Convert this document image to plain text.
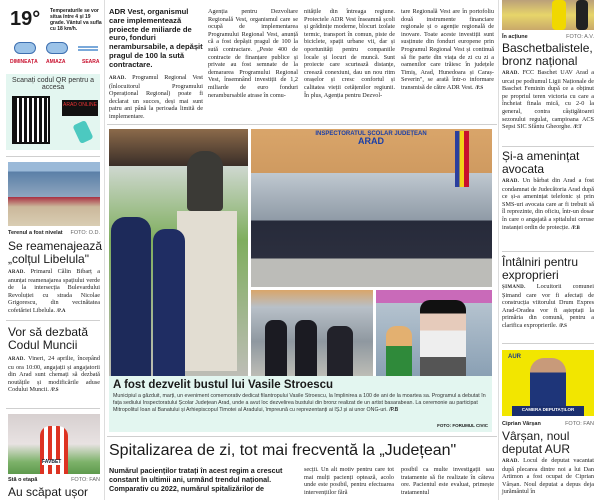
19° Temperaturile se vor situa între 4 și 19 grade. Vântul va sufla cu 18 km/h.
DIMINEAȚA AMIAZA	SEARA
Scanați codul QR pentru a accesa
ARAD ONLINE
Terenul a fost nivelat FOTO: O.D.
Se reamenajează „colțul Libelula"
ARAD. Primarul Călin Bibarț a anunțat reamenajarea spațiului verde de la intersecția Bulevardului Revoluției cu strada Nicolae Grigorescu, din vecinătatea cofetăriei Libelula. /P.A
Vor să dezbată Codul Muncii
ARAD. Vineri, 24 aprilie, începând cu ora 10:00, angajații și angajatorii din Arad sunt chemați să dezbată noutățile și modificările aduse Codului Muncii. /P.S
FAVBET
Stă o etapă	FOTO: FAN
Au scăpat ușor
ADR Vest, organismul care implementează proiecte de miliarde de euro, fonduri nerambursabile, a depășit pragul de 100 la sută contractare.
ARAD. Programul Regional Vest (înlocuitorul Programului Operațional Regional) poate fi declarat un succes, deși mai sunt patru ani până la perioada limită de implementare.
Agenția pentru Dezvoltare Regională Vest, organismul care se ocupă de implementarea Programului Regional Vest, anunță că a fost depășit pragul de 100 la sută contractare. „Peste 400 de contracte de finanțare publice și private au fost semnate de la demararea Programului Regional Vest, însemnând investiții de 1,2 miliarde de euro fonduri nerambursabile atrase în comu-
nitățile din întreaga regiune. Proiectele ADR Vest înseamnă școli și grădinițe moderne, blocuri izolate termic, transport în comun, piste de biciclete, spații urbane vii, dar și oportunități pentru companiile locale și locuri de muncă. Sunt proiecte care scurtează distanțe, creează conexiuni, dau un nou ritm orașelor și cresc confortul și calitatea vieții cetățenilor regiunii. În plus, Agenția pentru Dezvol-
tare Regională Vest are în portofoliu două instrumente financiare regionale și o agenție regională de inovare. Toate aceste investiții sunt susținute din fonduri europene prin Programul Regional Vest și continuă să fie parte din viața de zi cu zi a oamenilor care trăiesc în județele Timiș, Arad, Hunedoara și Caraș-Severin", se arată într-o informare transmisă de către ADR Vest. /P.S
INSPECTORATUL ȘCOLAR JUDEȚEAN
ARAD
A fost dezvelit bustul lui Vasile Stroescu
Municipiul a găzduit, marți, un eveniment comemorativ dedicat filantropului Vasile Stroescu, la împlinirea a 100 de ani de la moartea sa. Programul a debutat în fața sediului Inspectoratului Școlar Județean Arad, unde a avut loc dezvelirea bustului din bronz realizat de un artist basarabean. La ceremonie au participat Mitropolitul Ioan al Banatului și Arhiepiscopul Timotei al Aradului, împreună cu reprezentanți ai IȘJ și ai unor ONG-uri. /P.B
FOTO: FORUMUL CIVIC
Spitalizarea de zi, tot mai frecventă la „Județean"
Numărul pacienților tratați în acest regim a crescut constant în ultimii ani, urmând trendul național. Comparativ cu 2022, numărul spitalizărilor de
secții. Un alt motiv pentru care tot mai mulți pacienți optează, acolo unde este posibil, pentru efectuarea intervențiilor fără
posibil ca multe investigații sau tratamente să fie realizate în câteva ore. Pacientul este evaluat, primește tratamentul
În acțiune	FOTO: A.V.
Baschetbalistele, bronz național
ARAD. FCC Baschet UAV Arad a urcat pe podiumul Ligii Naționale de Baschet Feminin după ce a obținut pe propriul teren victoria cu care a încheiat finala mică, cu 2-0 la general, contra câștigătoarei sezonului regulat, campioana ACS Sepsi SIC Sfântu Gheorghe. /P.T
Și-a amenințat avocata
ARAD. Un bărbat din Arad a fost condamnat de Judecătoria Arad după ce și-a amenințat telefonic și prin SMS-uri avocata care ar fi trebuit să îl reprezinte, din oficiu, într-un dosar în care o angajată a spitalului ceruse instanței ordin de protecție. /P.B
Întâlniri pentru exproprieri
ȘIMAND. Locuitorii comunei Șimand care vor fi afectați de construcția viitorului Drum Expres Arad-Oradea vor fi așteptați la primăria din comună, pentru a clarifica exproprierile. /P.S
AUR
CAMERA DEPUTAȚILOR
Ciprian Vârșan	FOTO: FAN
Vârșan, noul deputat AUR
ARAD. Locul de deputat vacantat după plecarea dintre noi a lui Dan Artimon a fost ocupat de Ciprian Vârșan. Noul deputat a depus deja jurământul în
